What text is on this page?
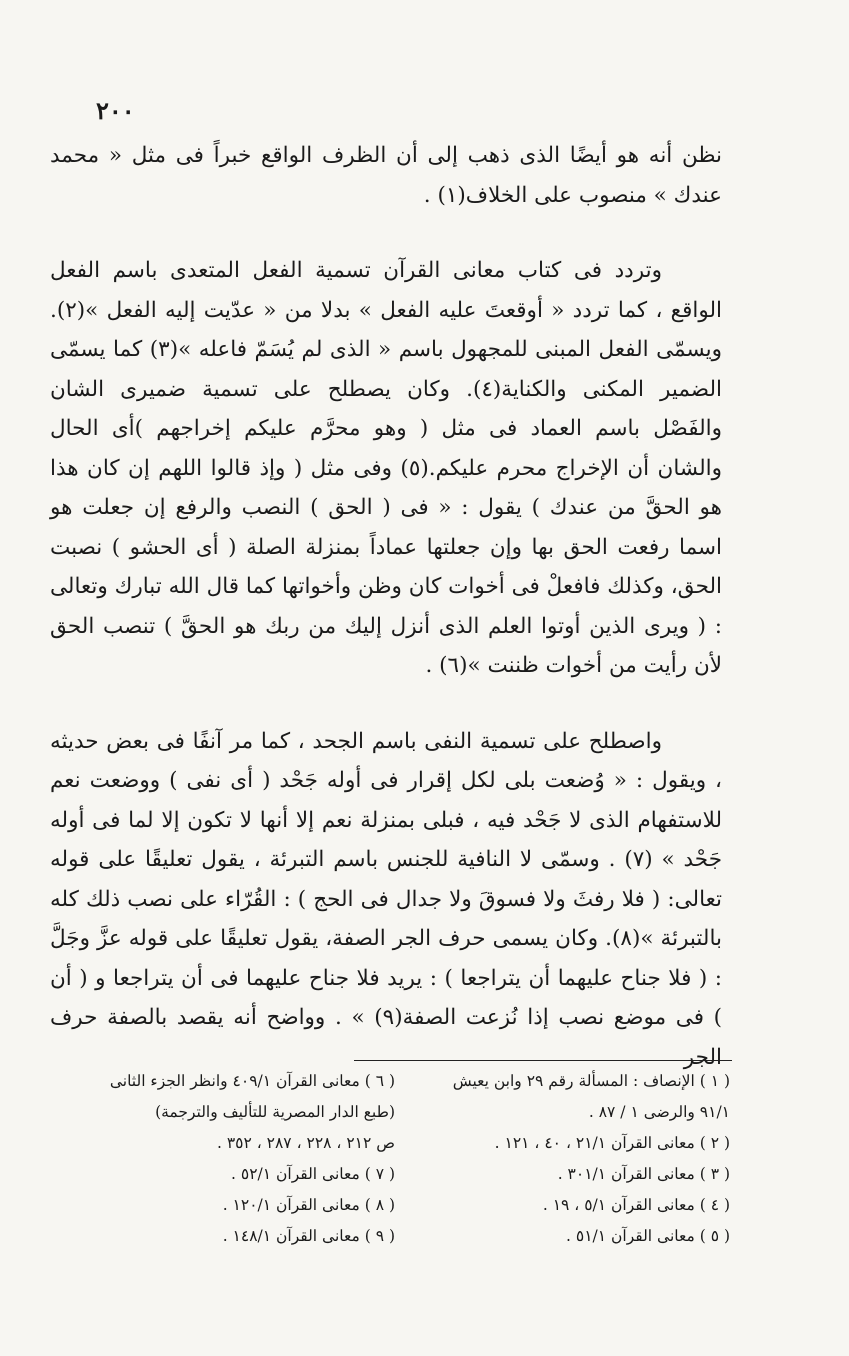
٢٠٠

نظن أنه هو أيضًا الذى ذهب إلى أن الظرف الواقع خبراً فى مثل « محمد عندك » منصوب على الخلاف(١) .

وتردد فى كتاب معانى القرآن تسمية الفعل المتعدى باسم الفعل الواقع ، كما تردد « أوقعتَ عليه الفعل » بدلا من « عدّيت إليه الفعل »(٢). ويسمّى الفعل المبنى للمجهول باسم « الذى لم يُسَمّ فاعله »(٣) كما يسمّى الضمير المكنى والكناية(٤). وكان يصطلح على تسمية ضميرى الشان والفَصْل باسم العماد فى مثل ( وهو محرَّم عليكم إخراجهم )أى الحال والشان أن الإخراج محرم عليكم.(٥) وفى مثل ( وإذ قالوا اللهم إن كان هذا هو الحقَّ من عندك ) يقول : « فى ( الحق ) النصب والرفع إن جعلت هو اسما رفعت الحق بها وإن جعلتها عماداً بمنزلة الصلة ( أى الحشو ) نصبت الحق، وكذلك فافعلْ فى أخوات كان وظن وأخواتها كما قال الله تبارك وتعالى : ( ويرى الذين أوتوا العلم الذى أنزل إليك من ربك هو الحقَّ ) تنصب الحق لأن رأيت من أخوات ظننت »(٦) .

واصطلح على تسمية النفى باسم الجحد ، كما مر آنفًا فى بعض حديثه ، ويقول : « وُضعت بلى لكل إقرار فى أوله جَحْد ( أى نفى ) ووضعت نعم للاستفهام الذى لا جَحْد فيه ، فبلى بمنزلة نعم إلا أنها لا تكون إلا لما فى أوله جَحْد » (٧) . وسمّى لا النافية للجنس باسم التبرئة ، يقول تعليقًا على قوله تعالى: ( فلا رفثَ ولا فسوقَ ولا جدال فى الحج ) : القُرّاء على نصب ذلك كله بالتبرئة »(٨). وكان يسمى حرف الجر الصفة، يقول تعليقًا على قوله عزَّ وجَلَّ : ( فلا جناح عليهما أن يتراجعا ) : يريد فلا جناح عليهما فى أن يتراجعا و ( أن ) فى موضع نصب إذا نُزعت الصفة(٩) » . وواضح أنه يقصد بالصفة حرف الجر

( ١ ) الإنصاف : المسألة رقم ٢٩ وابن يعيش

٩١/١ والرضى ١ / ٨٧ .

( ٢ ) معانى القرآن ٢١/١ ، ٤٠ ، ١٢١ .

( ٣ ) معانى القرآن ٣٠١/١ .

( ٤ ) معانى القرآن ٥/١ ، ١٩ .

( ٥ ) معانى القرآن ٥١/١ .

( ٦ ) معانى القرآن ٤٠٩/١ وانظر الجزء الثانى

(طبع الدار المصرية للتأليف والترجمة)

ص ٢١٢ ، ٢٢٨ ، ٢٨٧ ، ٣٥٢ .

( ٧ ) معانى القرآن ٥٢/١ .

( ٨ ) معانى القرآن ١٢٠/١ .

( ٩ ) معانى القرآن ١٤٨/١ .
